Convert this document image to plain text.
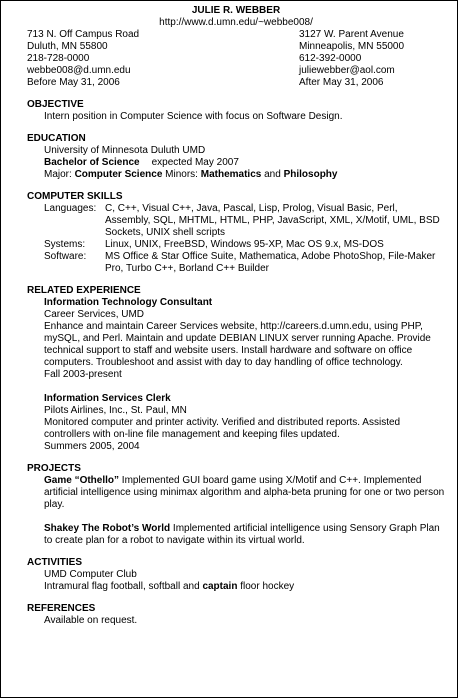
JULIE R. WEBBER
http://www.d.umn.edu/~webbe008/
713 N. Off Campus Road
Duluth, MN 55800
218-728-0000
webbe008@d.umn.edu
Before May 31, 2006
3127 W. Parent Avenue
Minneapolis, MN 55000
612-392-0000
juliewebber@aol.com
After May 31, 2006
OBJECTIVE
Intern position in Computer Science with focus on Software Design.
EDUCATION
University of Minnesota Duluth UMD
Bachelor of Science expected May 2007
Major: Computer Science Minors: Mathematics and Philosophy
COMPUTER SKILLS
Languages: C, C++, Visual C++, Java, Pascal, Lisp, Prolog, Visual Basic, Perl, Assembly, SQL, MHTML, HTML, PHP, JavaScript, XML, X/Motif, UML, BSD Sockets, UNIX shell scripts
Systems:	Linux, UNIX, FreeBSD, Windows 95-XP, Mac OS 9.x, MS-DOS
Software:	MS Office & Star Office Suite, Mathematica, Adobe PhotoShop, File-Maker Pro, Turbo C++, Borland C++ Builder
RELATED EXPERIENCE
Information Technology Consultant
Career Services, UMD
Enhance and maintain Career Services website, http://careers.d.umn.edu, using PHP, mySQL, and Perl. Maintain and update DEBIAN LINUX server running Apache. Provide technical support to staff and website users. Install hardware and software on office computers. Troubleshoot and assist with day to day handling of office technology.
Fall 2003-present
Information Services Clerk
Pilots Airlines, Inc., St. Paul, MN
Monitored computer and printer activity. Verified and distributed reports. Assisted controllers with on-line file management and keeping files updated.
Summers 2005, 2004
PROJECTS
Game “Othello” Implemented GUI board game using X/Motif and C++. Implemented artificial intelligence using minimax algorithm and alpha-beta pruning for one or two person play.
Shakey The Robot’s World Implemented artificial intelligence using Sensory Graph Plan to create plan for a robot to navigate within its virtual world.
ACTIVITIES
UMD Computer Club
Intramural flag football, softball and captain floor hockey
REFERENCES
Available on request.
